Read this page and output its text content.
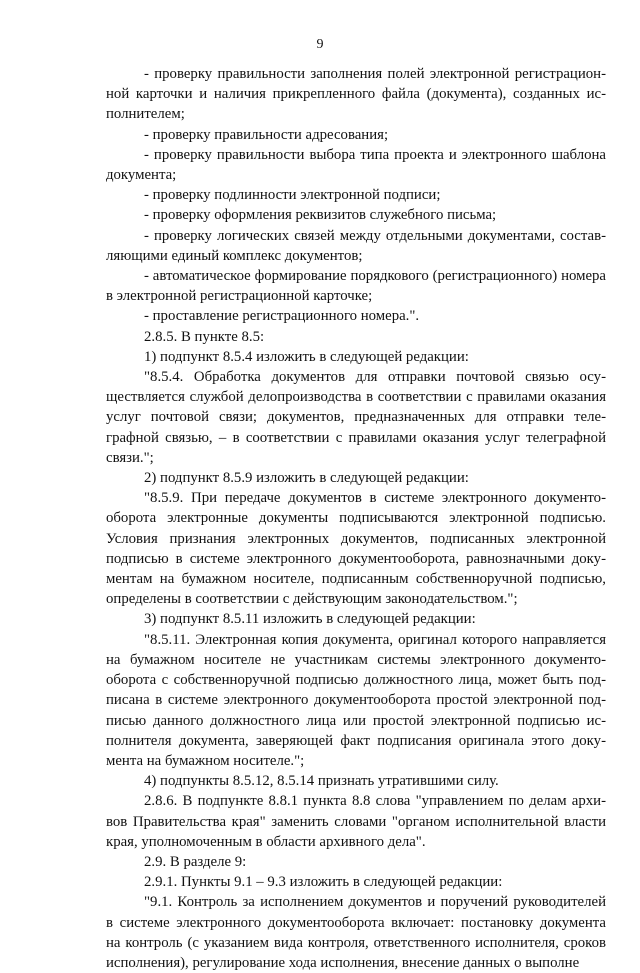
9

- проверку правильности заполнения полей электронной регистрационной карточки и наличия прикрепленного файла (документа), созданных исполнителем;

- проверку правильности адресования;

- проверку правильности выбора типа проекта и электронного шаблона документа;

- проверку подлинности электронной подписи;

- проверку оформления реквизитов служебного письма;

- проверку логических связей между отдельными документами, составляющими единый комплекс документов;

- автоматическое формирование порядкового (регистрационного) номера в электронной регистрационной карточке;

- проставление регистрационного номера.".

2.8.5. В пункте 8.5:

1) подпункт 8.5.4 изложить в следующей редакции:

"8.5.4. Обработка документов для отправки почтовой связью осуществляется службой делопроизводства в соответствии с правилами оказания услуг почтовой связи; документов, предназначенных для отправки телеграфной связью, – в соответствии с правилами оказания услуг телеграфной связи.";

2) подпункт 8.5.9 изложить в следующей редакции:

"8.5.9. При передаче документов в системе электронного документооборота электронные документы подписываются электронной подписью. Условия признания электронных документов, подписанных электронной подписью в системе электронного документооборота, равнозначными документам на бумажном носителе, подписанным собственноручной подписью, определены в соответствии с действующим законодательством.";

3) подпункт 8.5.11 изложить в следующей редакции:

"8.5.11. Электронная копия документа, оригинал которого направляется на бумажном носителе не участникам системы электронного документооборота с собственноручной подписью должностного лица, может быть подписана в системе электронного документооборота простой электронной подписью данного должностного лица или простой электронной подписью исполнителя документа, заверяющей факт подписания оригинала этого документа на бумажном носителе.";

4) подпункты 8.5.12, 8.5.14 признать утратившими силу.

2.8.6. В подпункте 8.8.1 пункта 8.8 слова "управлением по делам архивов Правительства края" заменить словами "органом исполнительной власти края, уполномоченным в области архивного дела".

2.9. В разделе 9:

2.9.1. Пункты 9.1 – 9.3 изложить в следующей редакции:

"9.1. Контроль за исполнением документов и поручений руководителей в системе электронного документооборота включает: постановку документа на контроль (с указанием вида контроля, ответственного исполнителя, сроков исполнения), регулирование хода исполнения, внесение данных о выполне
